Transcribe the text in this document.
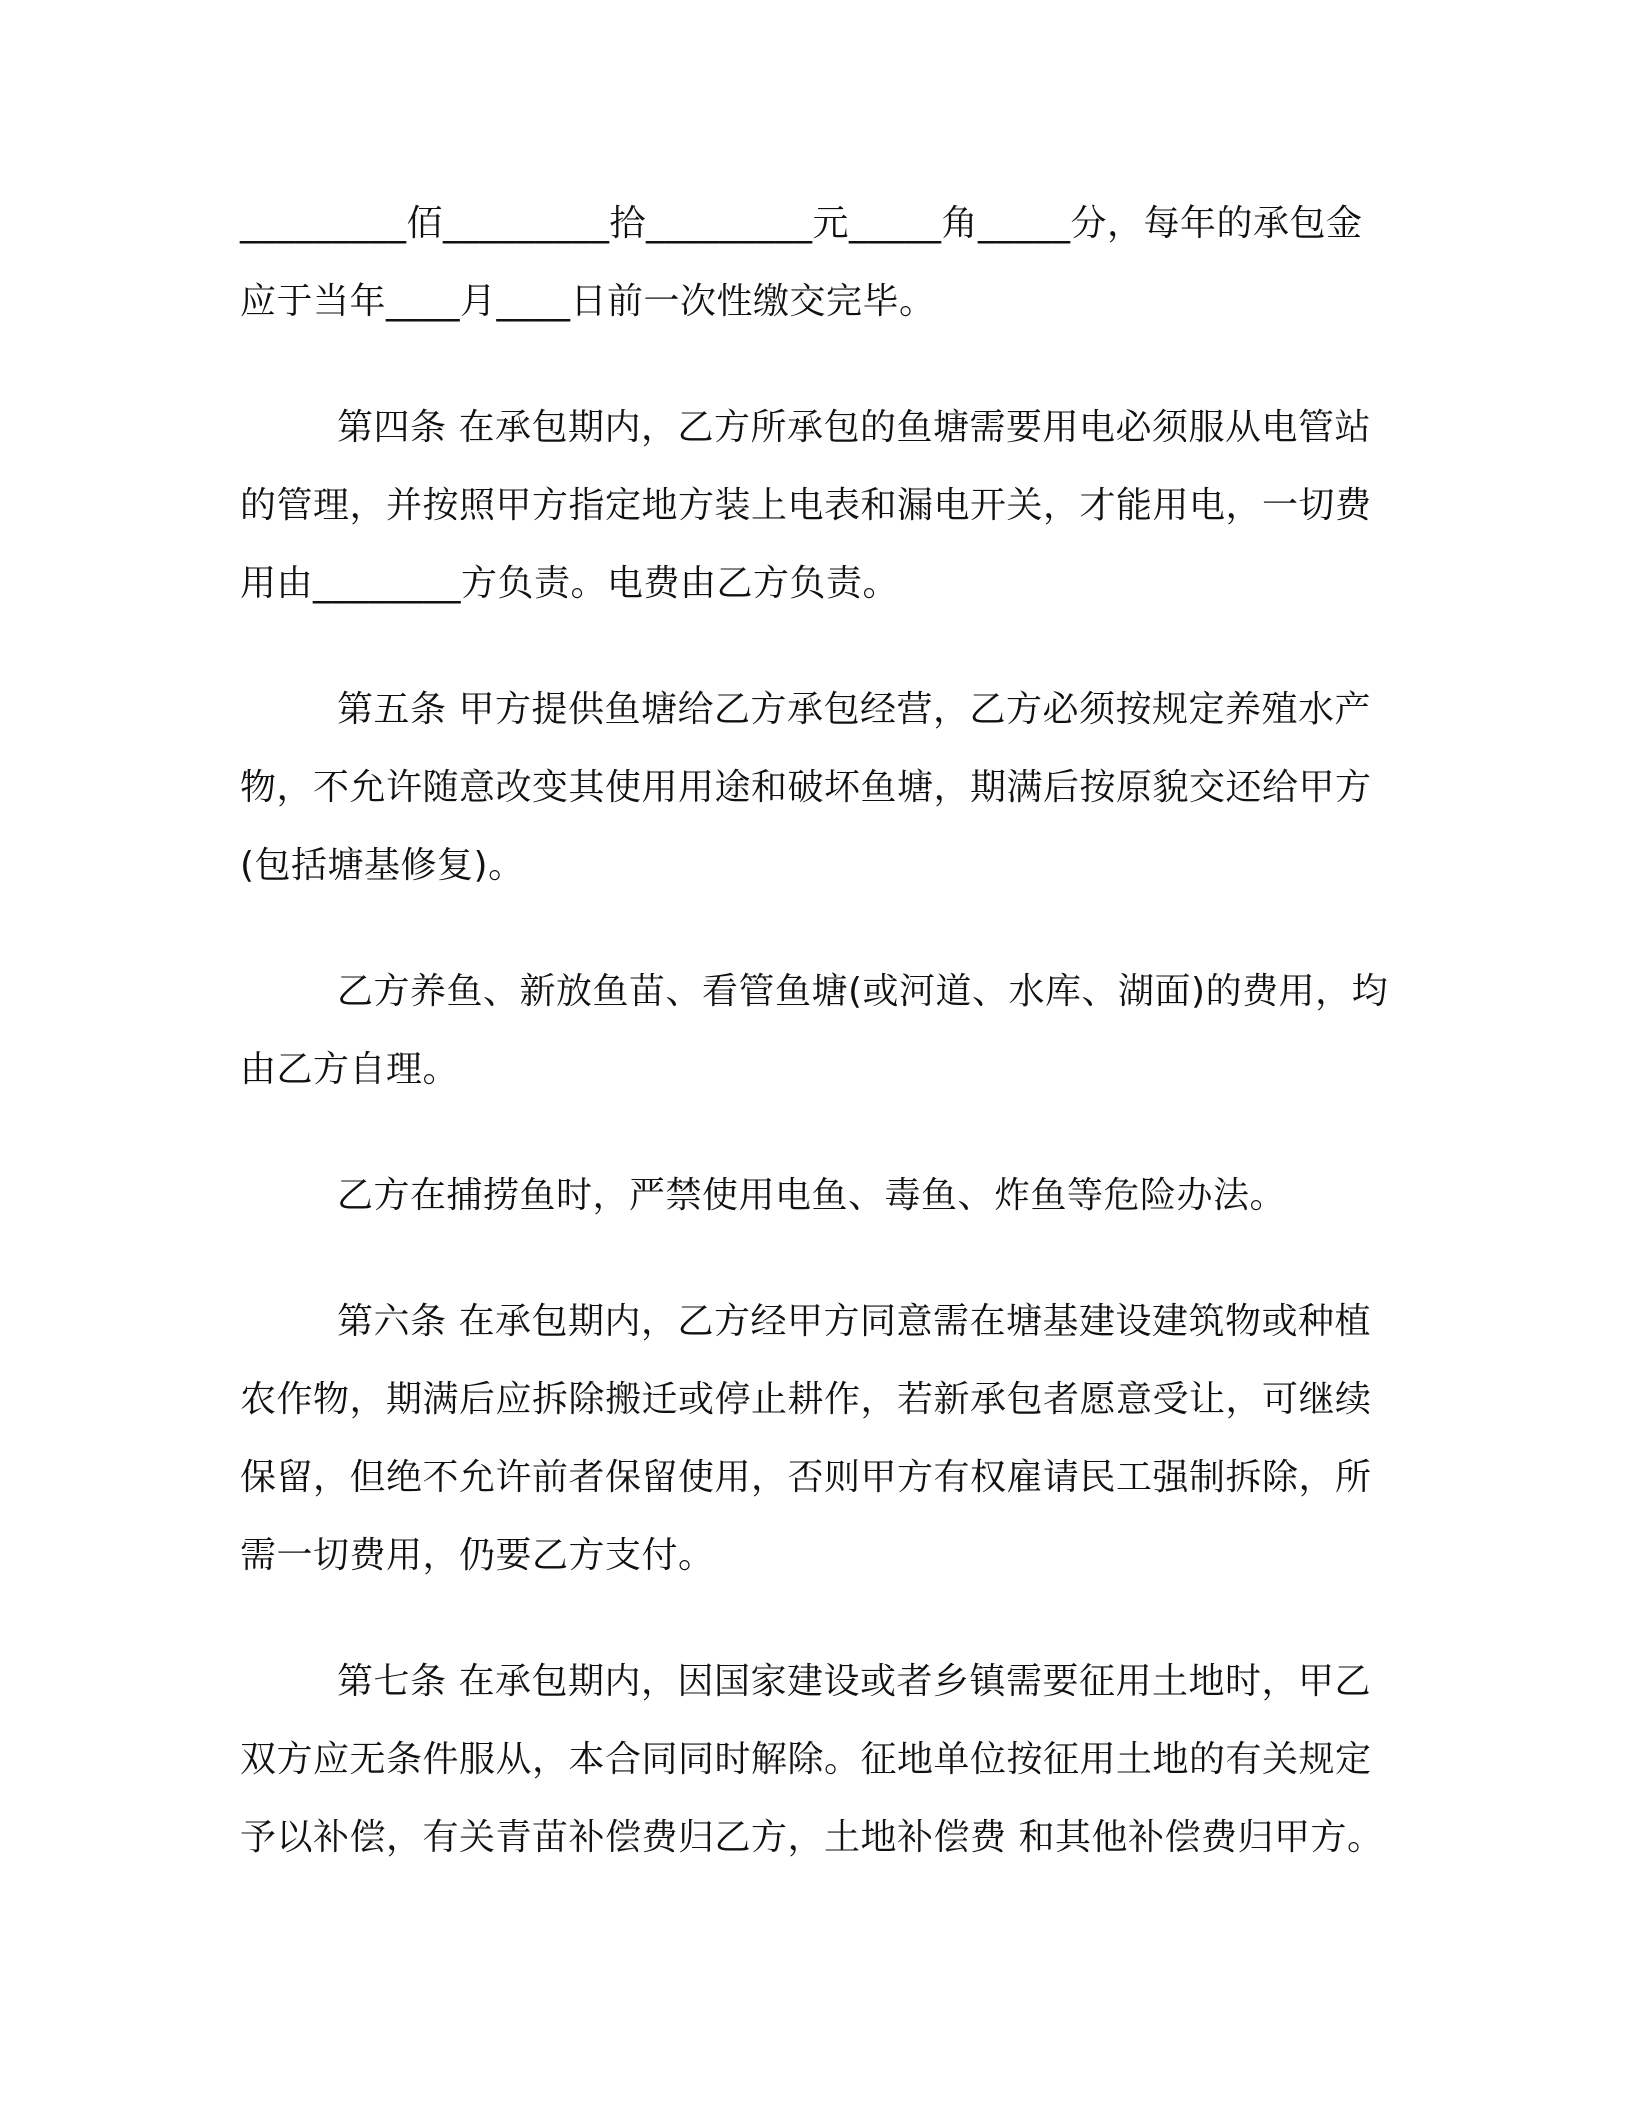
_________佰_________拾_________元_____角_____分，每年的承包金应于当年____月____日前一次性缴交完毕。

第四条 在承包期内，乙方所承包的鱼塘需要用电必须服从电管站的管理，并按照甲方指定地方装上电表和漏电开关，才能用电，一切费用由________方负责。电费由乙方负责。

第五条 甲方提供鱼塘给乙方承包经营，乙方必须按规定养殖水产物，不允许随意改变其使用用途和破坏鱼塘，期满后按原貌交还给甲方(包括塘基修复)。

乙方养鱼、新放鱼苗、看管鱼塘(或河道、水库、湖面)的费用，均由乙方自理。

乙方在捕捞鱼时，严禁使用电鱼、毒鱼、炸鱼等危险办法。

第六条 在承包期内，乙方经甲方同意需在塘基建设建筑物或种植农作物，期满后应拆除搬迁或停止耕作，若新承包者愿意受让，可继续保留，但绝不允许前者保留使用，否则甲方有权雇请民工强制拆除，所需一切费用，仍要乙方支付。

第七条 在承包期内，因国家建设或者乡镇需要征用土地时，甲乙双方应无条件服从，本合同同时解除。征地单位按征用土地的有关规定予以补偿，有关青苗补偿费归乙方，土地补偿费 和其他补偿费归甲方。
